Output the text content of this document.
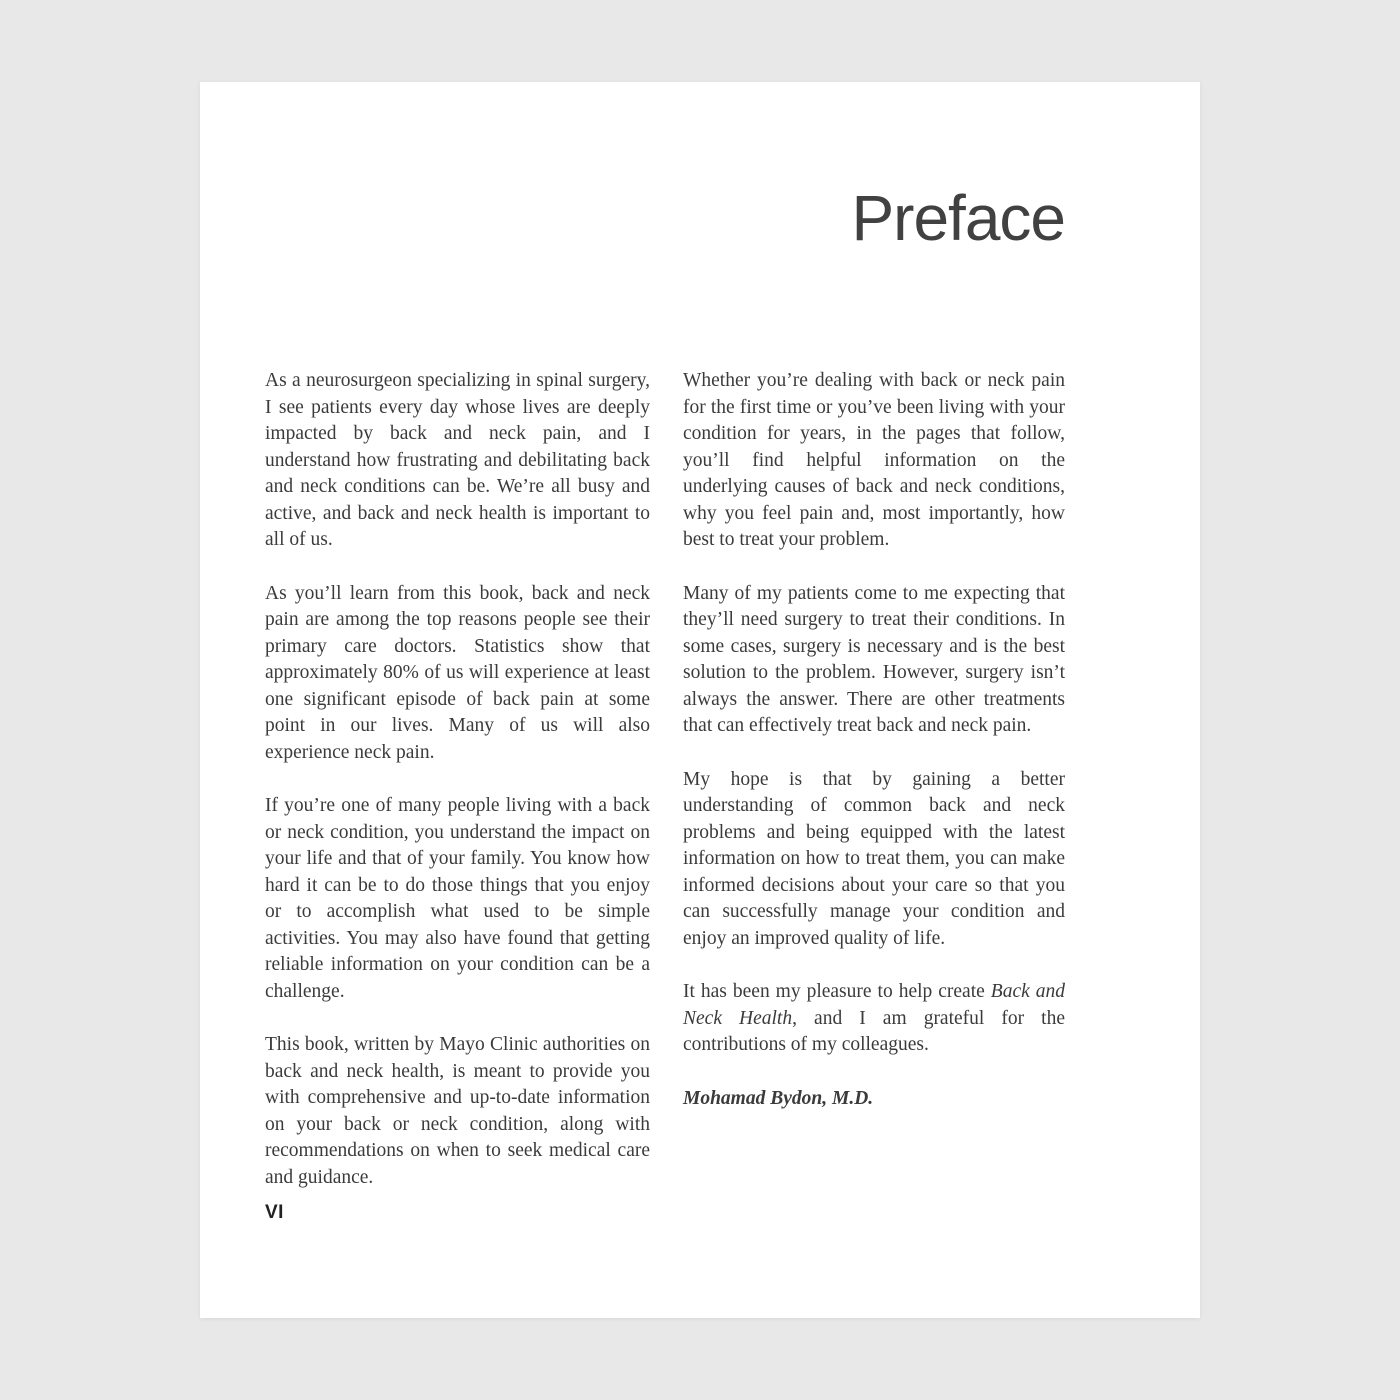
Preface

As a neurosurgeon specializing in spinal surgery, I see patients every day whose lives are deeply impacted by back and neck pain, and I understand how frustrating and debilitating back and neck conditions can be. We’re all busy and active, and back and neck health is important to all of us.

As you’ll learn from this book, back and neck pain are among the top reasons people see their primary care doctors. Statistics show that approximately 80% of us will experience at least one significant episode of back pain at some point in our lives. Many of us will also experience neck pain.

If you’re one of many people living with a back or neck condition, you understand the impact on your life and that of your family. You know how hard it can be to do those things that you enjoy or to accomplish what used to be simple activities. You may also have found that getting reliable information on your condition can be a challenge.

This book, written by Mayo Clinic authorities on back and neck health, is meant to provide you with comprehensive and up-to-date information on your back or neck condition, along with recommendations on when to seek medical care and guidance.

Whether you’re dealing with back or neck pain for the first time or you’ve been living with your condition for years, in the pages that follow, you’ll find helpful information on the underlying causes of back and neck conditions, why you feel pain and, most importantly, how best to treat your problem.

Many of my patients come to me expecting that they’ll need surgery to treat their conditions. In some cases, surgery is necessary and is the best solution to the problem. However, surgery isn’t always the answer. There are other treatments that can effectively treat back and neck pain.

My hope is that by gaining a better understanding of common back and neck problems and being equipped with the latest information on how to treat them, you can make informed decisions about your care so that you can successfully manage your condition and enjoy an improved quality of life.

It has been my pleasure to help create Back and Neck Health, and I am grateful for the contributions of my colleagues.

Mohamad Bydon, M.D.

VI
